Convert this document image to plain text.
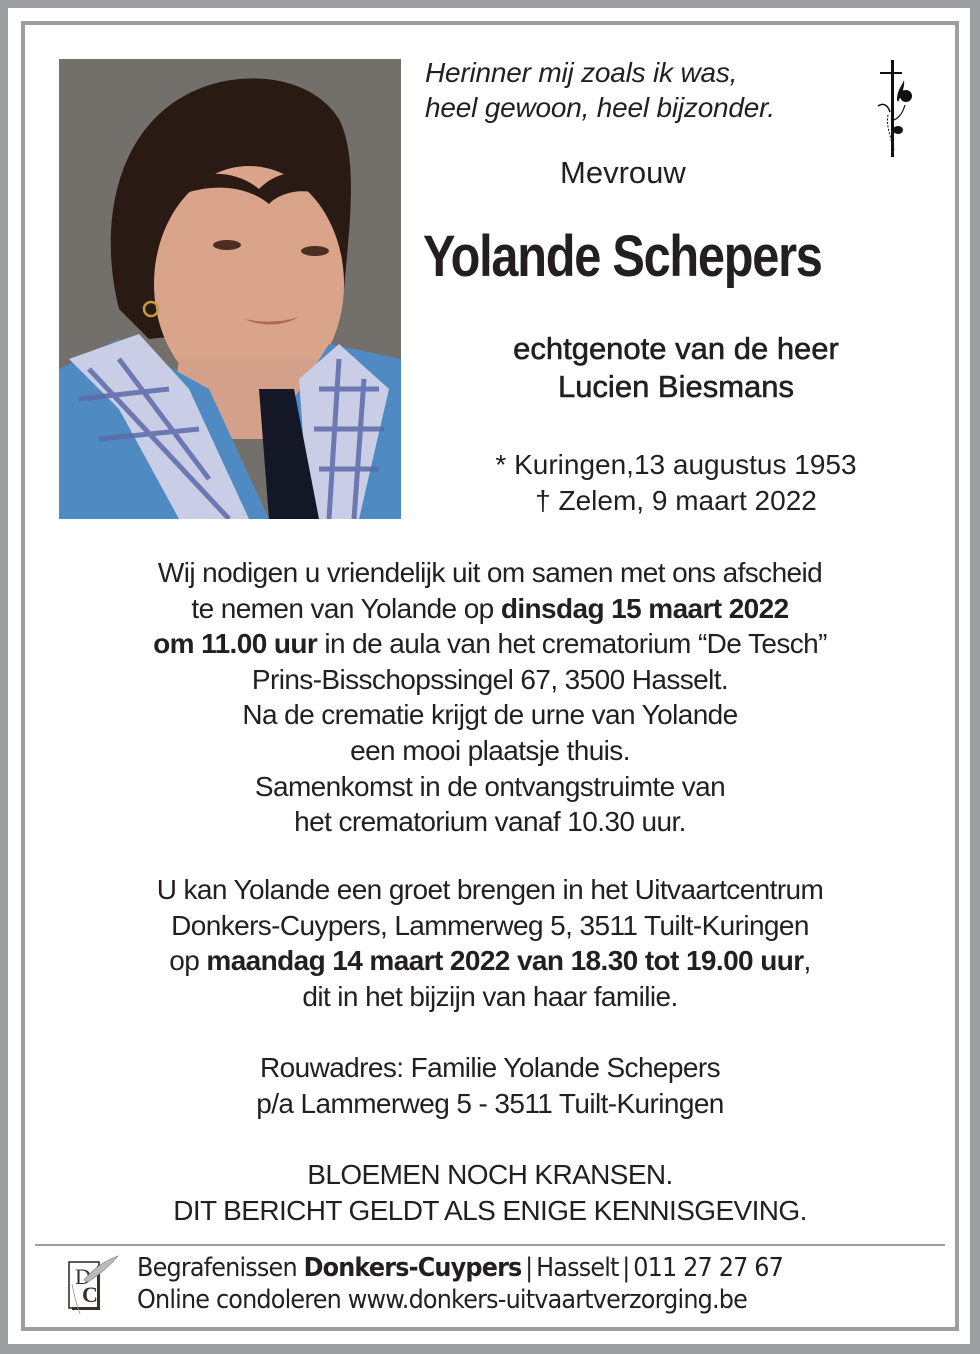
Herinner mij zoals ik was,
heel gewoon, heel bijzonder.
Mevrouw
Yolande Schepers
echtgenote van de heer
Lucien Biesmans
* Kuringen,13 augustus 1953
† Zelem, 9 maart 2022
Wij nodigen u vriendelijk uit om samen met ons afscheid
te nemen van Yolande op dinsdag 15 maart 2022
om 11.00 uur in de aula van het crematorium “De Tesch”
Prins-Bisschopssingel 67, 3500 Hasselt.
Na de crematie krijgt de urne van Yolande
een mooi plaatsje thuis.
Samenkomst in de ontvangstruimte van
het crematorium vanaf 10.30 uur.
U kan Yolande een groet brengen in het Uitvaartcentrum
Donkers-Cuypers, Lammerweg 5, 3511 Tuilt-Kuringen
op maandag 14 maart 2022 van 18.30 tot 19.00 uur,
dit in het bijzijn van haar familie.
Rouwadres: Familie Yolande Schepers
p/a Lammerweg 5 - 3511 Tuilt-Kuringen
BLOEMEN NOCH KRANSEN.
DIT BERICHT GELDT ALS ENIGE KENNISGEVING.
D
C
Begrafenissen Donkers-Cuypers | Hasselt | 011 27 27 67
Online condoleren www.donkers-uitvaartverzorging.be
